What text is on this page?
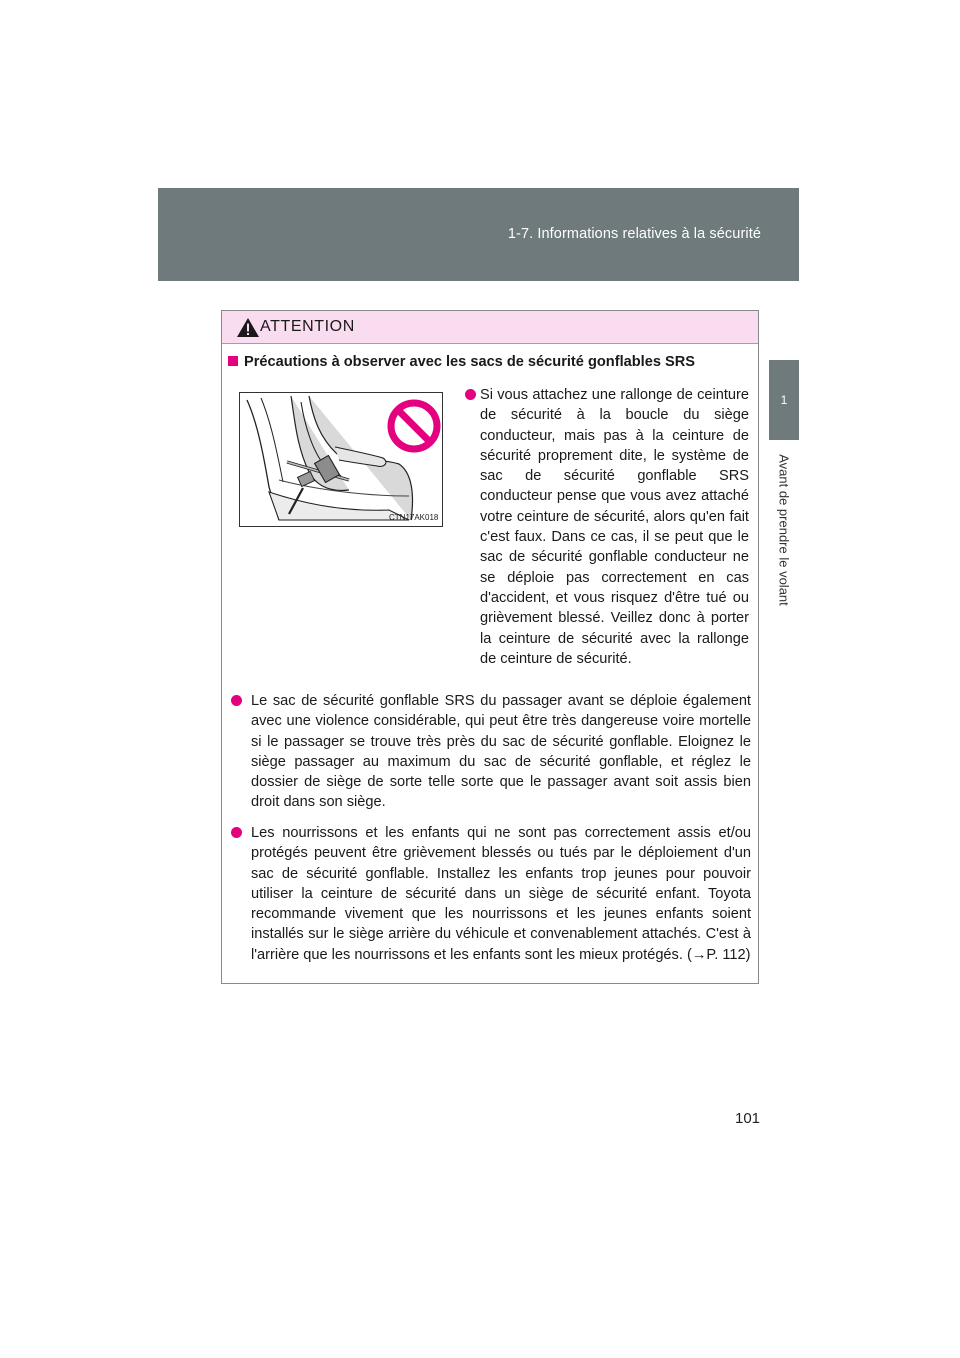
1-7. Informations relatives à la sécurité
1
Avant de prendre le volant
ATTENTION
Précautions à observer avec les sacs de sécurité gonflables SRS
CTN17AK018
Si vous attachez une rallonge de ceinture de sécurité à la boucle du siège conducteur, mais pas à la ceinture de sécurité proprement dite, le système de sac de sécurité gonflable SRS conducteur pense que vous avez attaché votre ceinture de sécurité, alors qu'en fait c'est faux. Dans ce cas, il se peut que le sac de sécurité gonflable conducteur ne se déploie pas correctement en cas d'accident, et vous risquez d'être tué ou grièvement blessé. Veillez donc à porter la ceinture de sécurité avec la rallonge de ceinture de sécurité.
Le sac de sécurité gonflable SRS du passager avant se déploie également avec une violence considérable, qui peut être très dangereuse voire mortelle si le passager se trouve très près du sac de sécurité gonflable. Eloignez le siège passager au maximum du sac de sécurité gonflable, et réglez le dossier de siège de sorte telle sorte que le passager avant soit assis bien droit dans son siège.
Les nourrissons et les enfants qui ne sont pas correctement assis et/ou protégés peuvent être grièvement blessés ou tués par le déploiement d'un sac de sécurité gonflable. Installez les enfants trop jeunes pour pouvoir utiliser la ceinture de sécurité dans un siège de sécurité enfant. Toyota recommande vivement que les nourrissons et les jeunes enfants soient installés sur le siège arrière du véhicule et convenablement attachés. C'est à l'arrière que les nourrissons et les enfants sont les mieux protégés. (→P. 112)
101
